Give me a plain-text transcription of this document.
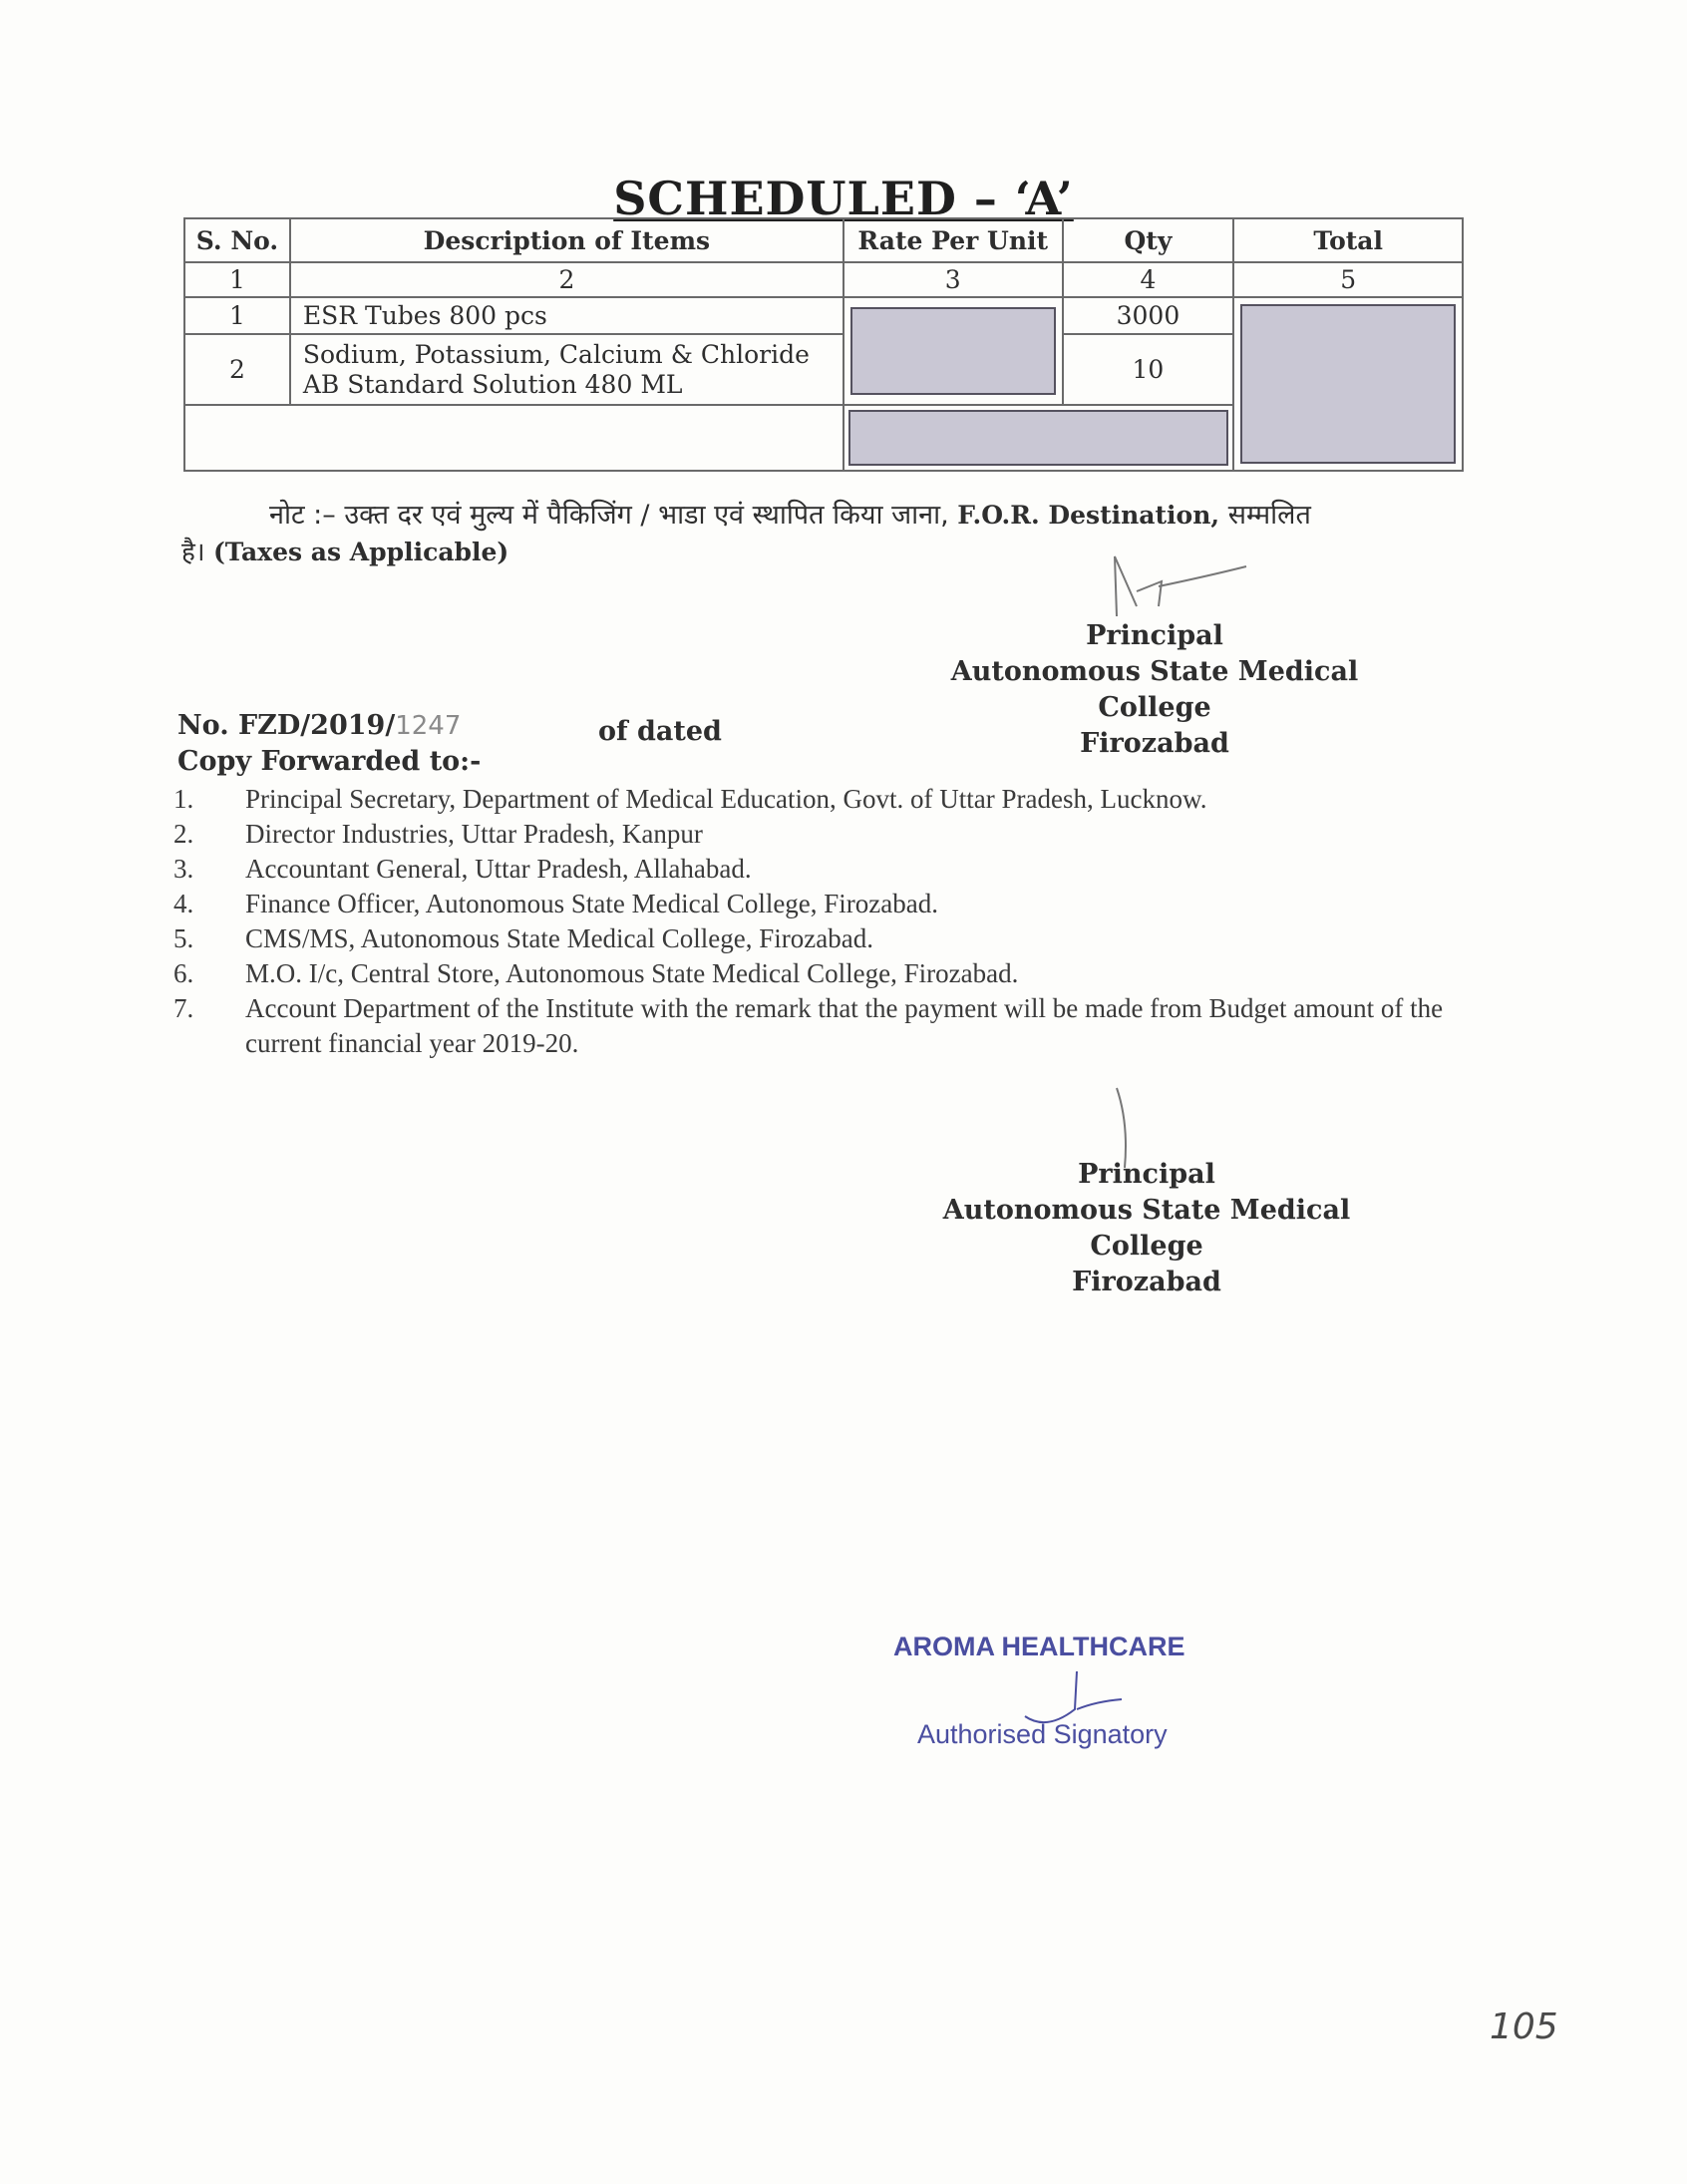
SCHEDULED – ‘A’
S. No.	Description of Items	Rate Per Unit	Qty	Total
1	2	3	4	5
1	ESR Tubes 800 pcs		3000	

2	Sodium, Potassium, Calcium & Chloride AB Standard Solution 480 ML		10	

नोट :– उक्त दर एवं मुल्य में पैकिजिंग / भाडा एवं स्थापित किया जाना, F.O.R. Destination, सम्मलित
है। (Taxes as Applicable)
Principal
Autonomous State Medical College
Firozabad
No. FZD/2019/1247	of dated
Copy Forwarded to:-
1.	Principal Secretary, Department of Medical Education, Govt. of Uttar Pradesh, Lucknow.
2.	Director Industries, Uttar Pradesh, Kanpur
3.	Accountant General, Uttar Pradesh, Allahabad.
4.	Finance Officer, Autonomous State Medical College, Firozabad.
5.	CMS/MS, Autonomous State Medical College, Firozabad.
6.	M.O. I/c, Central Store, Autonomous State Medical College, Firozabad.
7.	Account Department of the Institute with the remark that the payment will be made from Budget amount of the current financial year 2019-20.
Principal
Autonomous State Medical College
Firozabad
AROMA HEALTHCARE
Authorised Signatory
105
